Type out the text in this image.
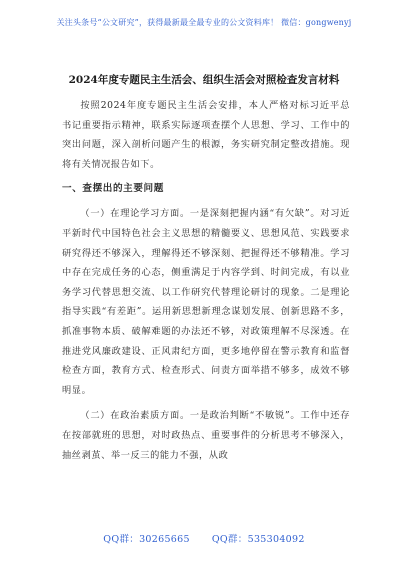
关注头条号“公文研究”，获得最新最全最专业的公文资料库！ 微信：gongwenyj
2024年度专题民主生活会、组织生活会对照检查发言材料

按照2024年度专题民主生活会安排，本人严格对标习近平总书记重要指示精神，联系实际逐项查摆个人思想、学习、工作中的突出问题，深入剖析问题产生的根源，务实研究制定整改措施。现将有关情况报告如下。

一、查摆出的主要问题

（一）在理论学习方面。一是深刻把握内涵“有欠缺”。对习近平新时代中国特色社会主义思想的精髓要义、思想风范、实践要求研究得还不够深入，理解得还不够深刻、把握得还不够精准。学习中存在完成任务的心态，侧重满足于内容学到、时间完成，有以业务学习代替思想交流、以工作研究代替理论研讨的现象。二是理论指导实践“有差距”。运用新思想新理念谋划发展、创新思路不多，抓准事物本质、破解难题的办法还不够，对政策理解不尽深透。在推进党风廉政建设、正风肃纪方面，更多地停留在警示教育和监督检查方面，教育方式、检查形式、问责方面举措不够多，成效不够明显。

（二）在政治素质方面。一是政治判断“不敏锐”。工作中还存在按部就班的思想，对时政热点、重要事件的分析思考不够深入，抽丝剥茧、举一反三的能力不强，从政

QQ群：30265665 QQ群：535304092
